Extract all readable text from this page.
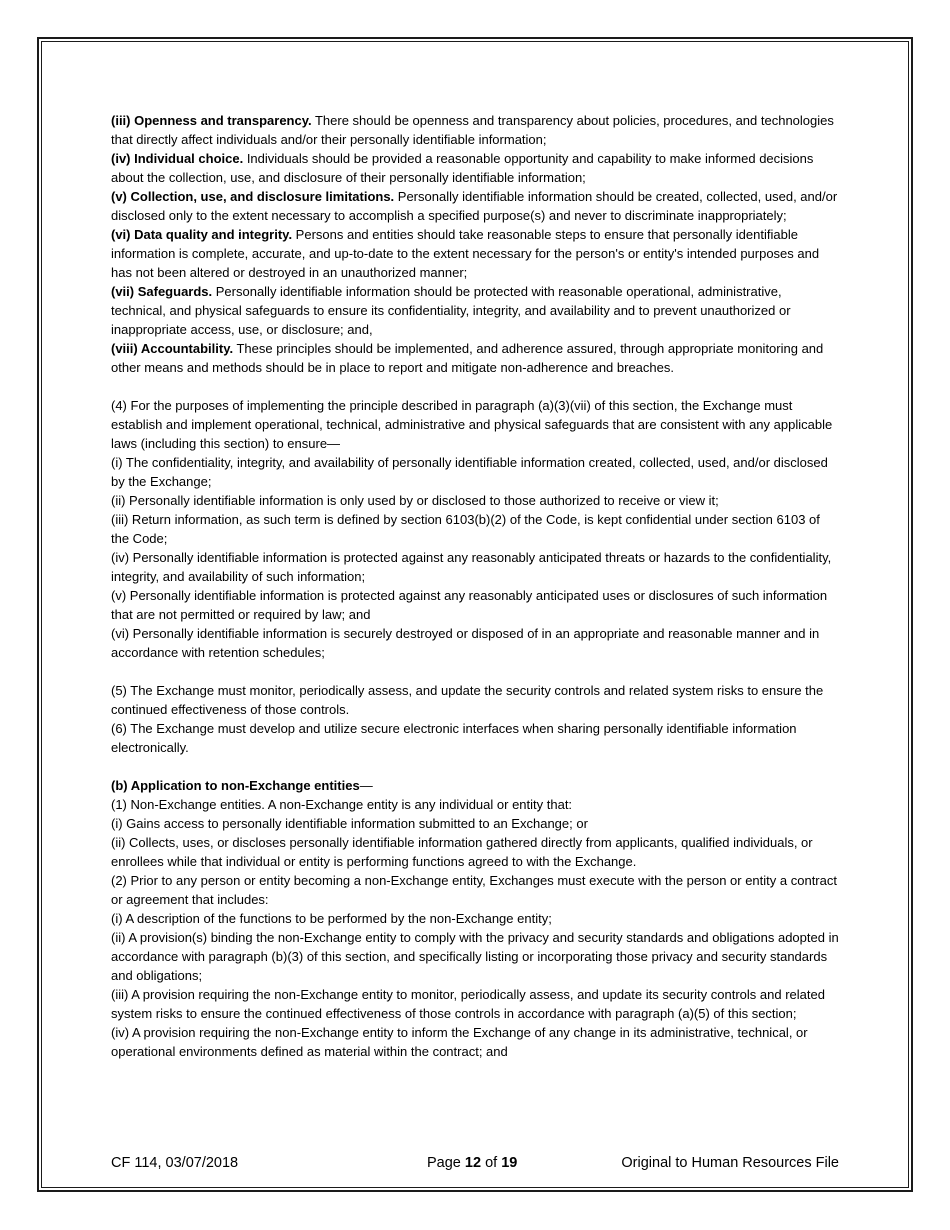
(iii) Openness and transparency. There should be openness and transparency about policies, procedures, and technologies that directly affect individuals and/or their personally identifiable information;

(iv) Individual choice. Individuals should be provided a reasonable opportunity and capability to make informed decisions about the collection, use, and disclosure of their personally identifiable information;

(v) Collection, use, and disclosure limitations. Personally identifiable information should be created, collected, used, and/or disclosed only to the extent necessary to accomplish a specified purpose(s) and never to discriminate inappropriately;

(vi) Data quality and integrity. Persons and entities should take reasonable steps to ensure that personally identifiable information is complete, accurate, and up-to-date to the extent necessary for the person's or entity's intended purposes and has not been altered or destroyed in an unauthorized manner;

(vii) Safeguards. Personally identifiable information should be protected with reasonable operational, administrative, technical, and physical safeguards to ensure its confidentiality, integrity, and availability and to prevent unauthorized or inappropriate access, use, or disclosure; and,

(viii) Accountability. These principles should be implemented, and adherence assured, through appropriate monitoring and other means and methods should be in place to report and mitigate non-adherence and breaches.

(4) For the purposes of implementing the principle described in paragraph (a)(3)(vii) of this section, the Exchange must establish and implement operational, technical, administrative and physical safeguards that are consistent with any applicable laws (including this section) to ensure—

(i) The confidentiality, integrity, and availability of personally identifiable information created, collected, used, and/or disclosed by the Exchange;

(ii) Personally identifiable information is only used by or disclosed to those authorized to receive or view it;

(iii) Return information, as such term is defined by section 6103(b)(2) of the Code, is kept confidential under section 6103 of the Code;

(iv) Personally identifiable information is protected against any reasonably anticipated threats or hazards to the confidentiality, integrity, and availability of such information;

(v) Personally identifiable information is protected against any reasonably anticipated uses or disclosures of such information that are not permitted or required by law; and

(vi) Personally identifiable information is securely destroyed or disposed of in an appropriate and reasonable manner and in accordance with retention schedules;

(5) The Exchange must monitor, periodically assess, and update the security controls and related system risks to ensure the continued effectiveness of those controls.

(6) The Exchange must develop and utilize secure electronic interfaces when sharing personally identifiable information electronically.

(b) Application to non-Exchange entities—

(1) Non-Exchange entities. A non-Exchange entity is any individual or entity that:

(i) Gains access to personally identifiable information submitted to an Exchange; or

(ii) Collects, uses, or discloses personally identifiable information gathered directly from applicants, qualified individuals, or enrollees while that individual or entity is performing functions agreed to with the Exchange.

(2) Prior to any person or entity becoming a non-Exchange entity, Exchanges must execute with the person or entity a contract or agreement that includes:

(i) A description of the functions to be performed by the non-Exchange entity;

(ii) A provision(s) binding the non-Exchange entity to comply with the privacy and security standards and obligations adopted in accordance with paragraph (b)(3) of this section, and specifically listing or incorporating those privacy and security standards and obligations;

(iii) A provision requiring the non-Exchange entity to monitor, periodically assess, and update its security controls and related system risks to ensure the continued effectiveness of those controls in accordance with paragraph (a)(5) of this section;

(iv) A provision requiring the non-Exchange entity to inform the Exchange of any change in its administrative, technical, or operational environments defined as material within the contract; and

CF 114, 03/07/2018	Page 12 of 19	Original to Human Resources File
